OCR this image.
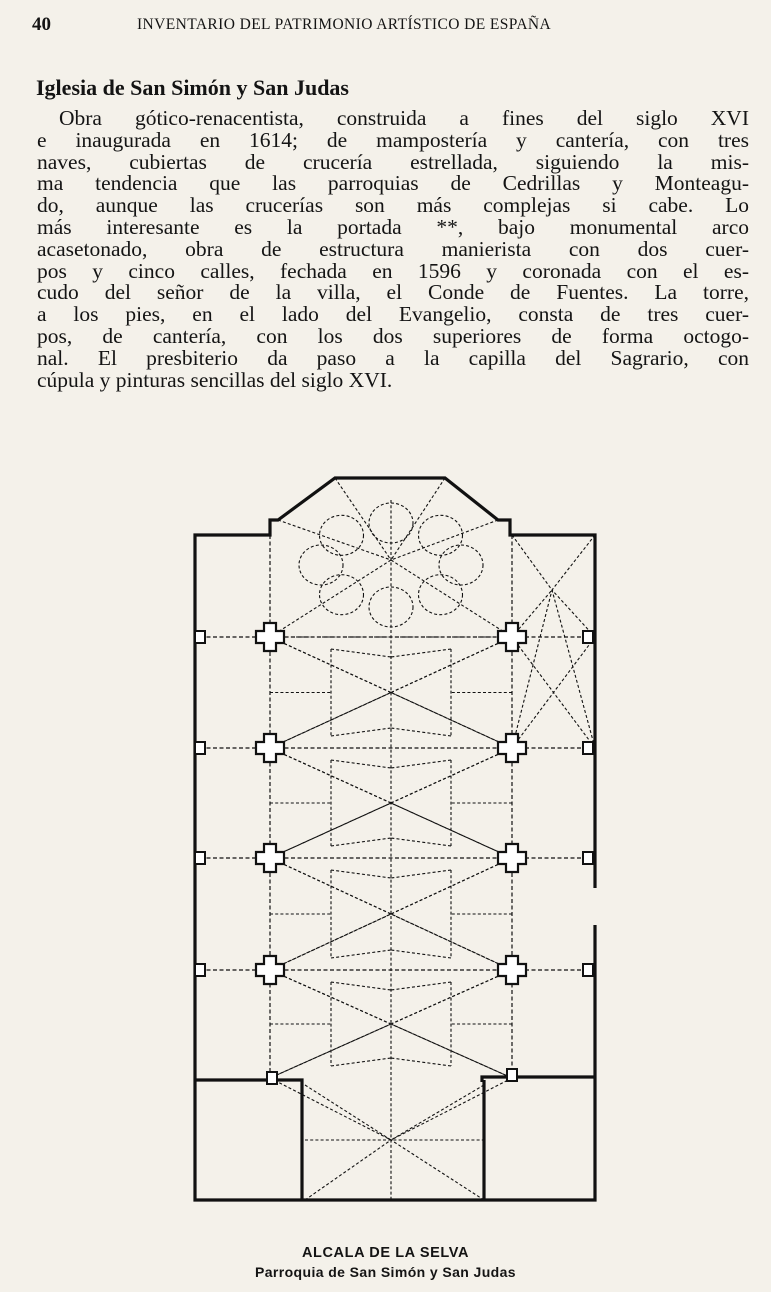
40	INVENTARIO DEL PATRIMONIO ARTÍSTICO DE ESPAÑA
Iglesia de San Simón y San Judas
Obra gótico-renacentista, construida a fines del siglo XVI
e inaugurada en 1614; de mampostería y cantería, con tres
naves, cubiertas de crucería estrellada, siguiendo la mis-
ma tendencia que las parroquias de Cedrillas y Monteagu-
do, aunque las crucerías son más complejas si cabe. Lo
más interesante es la portada **, bajo monumental arco
acasetonado, obra de estructura manierista con dos cuer-
pos y cinco calles, fechada en 1596 y coronada con el es-
cudo del señor de la villa, el Conde de Fuentes. La torre,
a los pies, en el lado del Evangelio, consta de tres cuer-
pos, de cantería, con los dos superiores de forma octogo-
nal. El presbiterio da paso a la capilla del Sagrario, con
cúpula y pinturas sencillas del siglo XVI.
ALCALA DE LA SELVA
Parroquia de San Simón y San Judas
